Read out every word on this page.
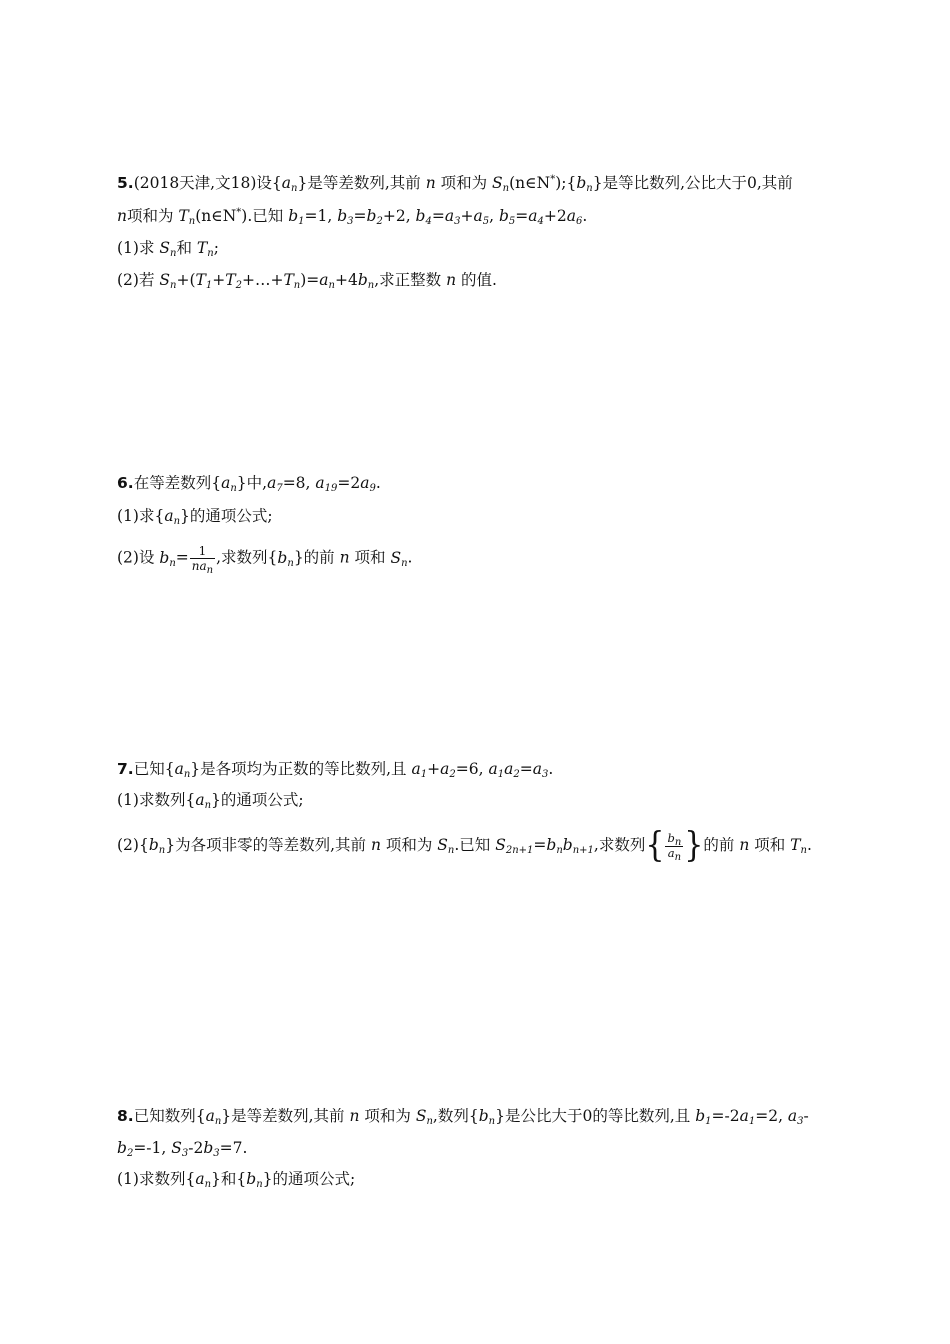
5.(2018天津,文18)设$\{a_n\}$是等差数列,其前 n 项和为 $S_n(n\in N^*);\{b_n\}$是等比数列,公比大于0,其前
n项和为 $T_n(n\in N^*)$.已知 $b_1=1$, $b_3=b_2+2$, $b_4=a_3+a_5$, $b_5=a_4+2a_6$.
(1)求 $S_n$和 $T_n$;
(2)若 $S_n+(T_1+T_2+\dots+T_n)=a_n+4b_n$,求正整数 n 的值.
6.在等差数列$\{a_n\}$中$,a_7=8$, $a_{19}=2a_9$.
(1)求$\{a_n\}$的通项公式;
(2)设 $b_n= \frac{1}{na_n}$ ,求数列$\{b_n\}$的前 n 项和 $S_n$.
7.已知$\{a_n\}$是各项均为正数的等比数列,且 $a_1+a_2=6$, $a_1a_2=a_3$.
(1)求数列$\{a_n\}$的通项公式;
$(2)\{b_n\}$为各项非零的等差数列,其前 n 项和为 $S_n$.已知 $S_{2n+1}=b_nb_{n+1}$,求数列 { $\frac{b_n}{a_n}$ } 的前 n 项和 $T_n$.
8.已知数列$\{a_n\}$是等差数列,其前 n 项和为 $S_n$,数列$\{b_n\}$是公比大于0的等比数列,且 $b_1=-2a_1=2$, $a_3-$
$b_2=-1$, $S_3-2b_3=7$.
(1)求数列$\{a_n\}$和$\{b_n\}$的通项公式;
